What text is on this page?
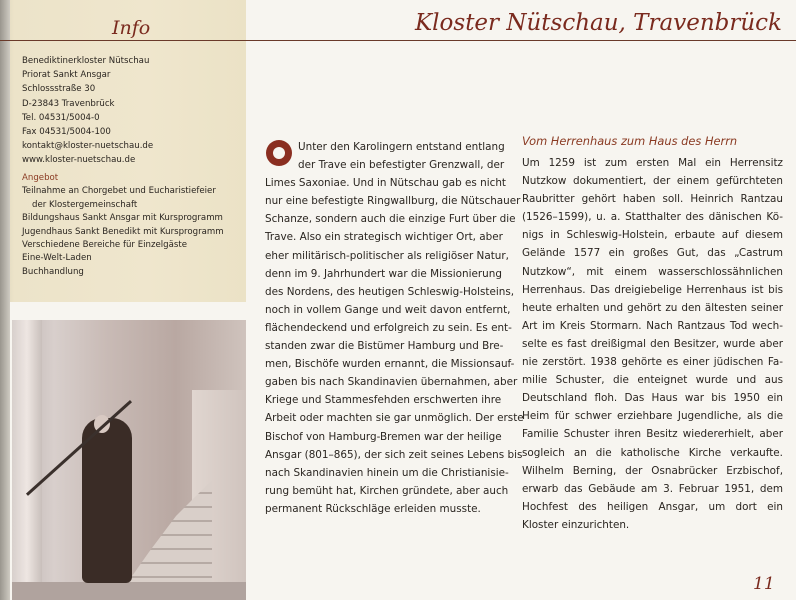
Info	Kloster Nütschau, Travenbrück
Benediktinerkloster Nütschau
Priorat Sankt Ansgar
Schlossstraße 30
D-23843 Travenbrück
Tel. 04531/5004-0
Fax 04531/5004-100
kontakt@kloster-nuetschau.de
www.kloster-nuetschau.de
Angebot
Teilnahme an Chorgebet und Eucharistiefeier
der Klostergemeinschaft
Bildungshaus Sankt Ansgar mit Kursprogramm
Jugendhaus Sankt Benedikt mit Kursprogramm
Verschiedene Bereiche für Einzelgäste
Eine-Welt-Laden
Buchhandlung
Unter den Karolingern entstand entlang
der Trave ein befestigter Grenzwall, der
Limes Saxoniae. Und in Nütschau gab es nicht
nur eine befestigte Ringwallburg, die Nütschauer
Schanze, sondern auch die einzige Furt über die
Trave. Also ein strategisch wichtiger Ort, aber
eher militärisch-politischer als religiöser Natur,
denn im 9. Jahrhundert war die Missionierung
des Nordens, des heutigen Schleswig-Holsteins,
noch in vollem Gange und weit davon entfernt,
flächendeckend und erfolgreich zu sein. Es ent-
standen zwar die Bistümer Hamburg und Bre-
men, Bischöfe wurden ernannt, die Missionsauf-
gaben bis nach Skandinavien übernahmen, aber
Kriege und Stammesfehden erschwerten ihre
Arbeit oder machten sie gar unmöglich. Der erste
Bischof von Hamburg-Bremen war der heilige
Ansgar (801–865), der sich zeit seines Lebens bis
nach Skandinavien hinein um die Christianisie-
rung bemüht hat, Kirchen gründete, aber auch
permanent Rückschläge erleiden musste.
Vom Herrenhaus zum Haus des Herrn
Um 1259 ist zum ersten Mal ein Herrensitz
Nutzkow dokumentiert, der einem gefürchteten
Raubritter gehört haben soll. Heinrich Rantzau
(1526–1599), u. a. Statthalter des dänischen Kö-
nigs in Schleswig-Holstein, erbaute auf diesem
Gelände 1577 ein großes Gut, das „Castrum
Nutzkow“, mit einem wasserschlossähnlichen
Herrenhaus. Das dreigiebelige Herrenhaus ist bis
heute erhalten und gehört zu den ältesten seiner
Art im Kreis Stormarn. Nach Rantzaus Tod wech-
selte es fast dreißigmal den Besitzer, wurde aber
nie zerstört. 1938 gehörte es einer jüdischen Fa-
milie Schuster, die enteignet wurde und aus
Deutschland floh. Das Haus war bis 1950 ein
Heim für schwer erziehbare Jugendliche, als die
Familie Schuster ihren Besitz wiedererhielt, aber
sogleich an die katholische Kirche verkaufte.
Wilhelm Berning, der Osnabrücker Erzbischof,
erwarb das Gebäude am 3. Februar 1951, dem
Hochfest des heiligen Ansgar, um dort ein
Kloster einzurichten.
11
